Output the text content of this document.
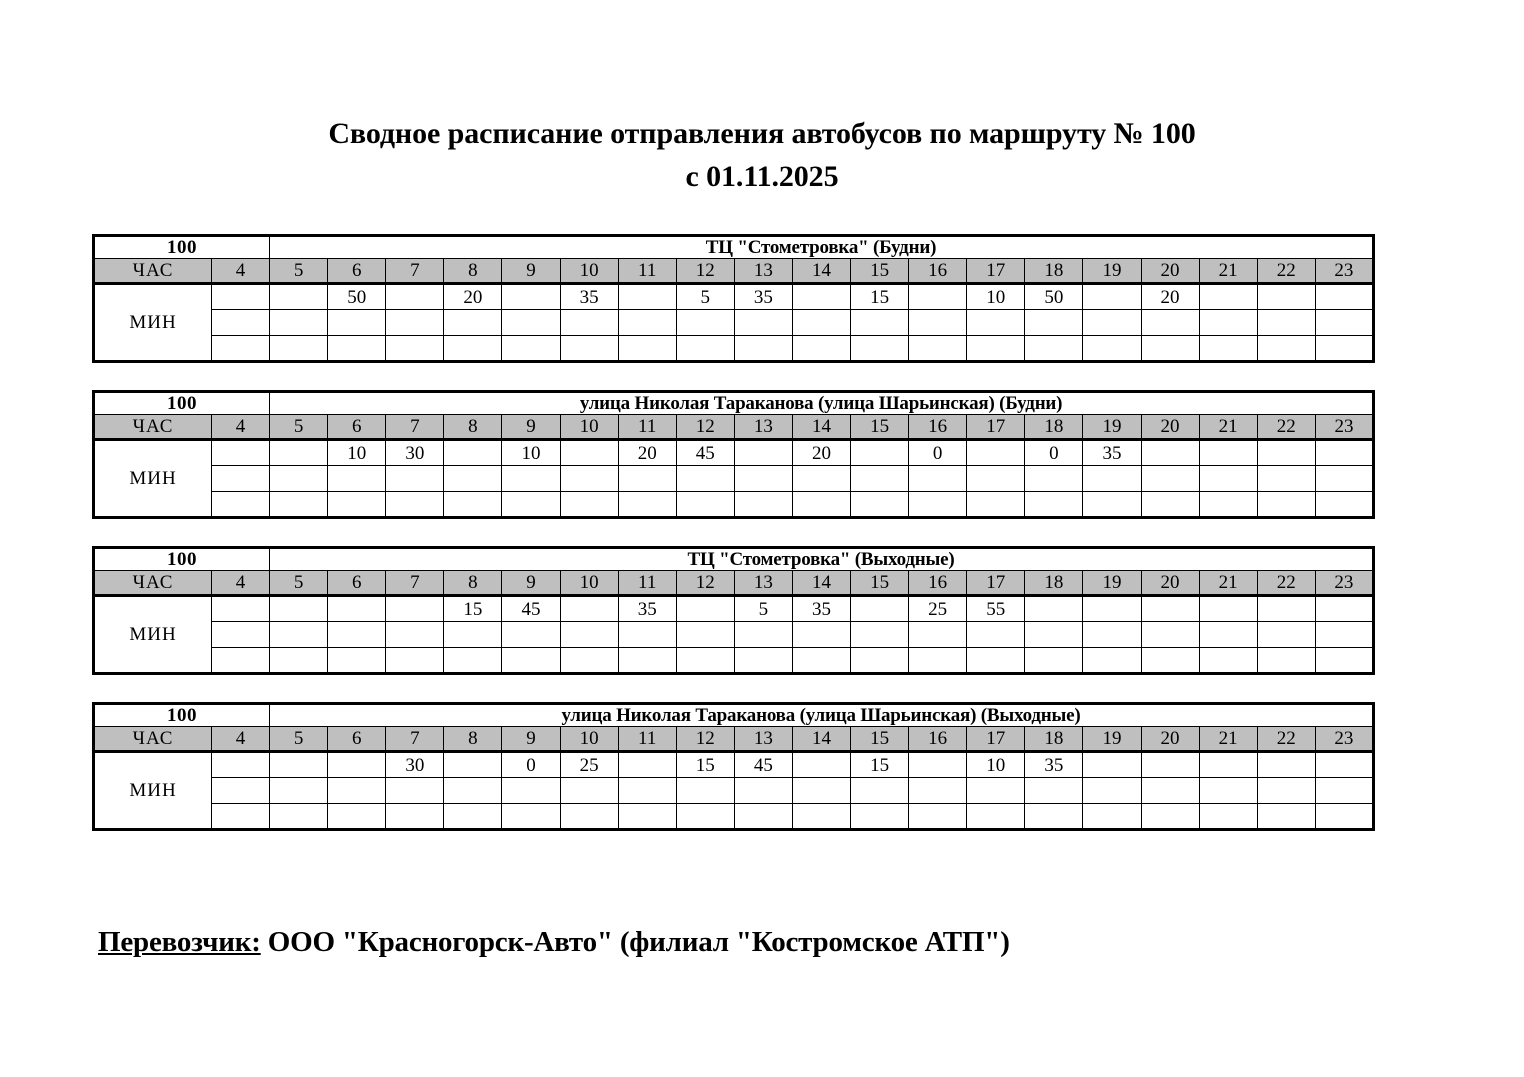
Сводное расписание отправления автобусов по маршруту № 100
с 01.11.2025
100		ТЦ "Стометровка" (Будни)																		
ЧАС	4	5	6	7	8	9	10	11	12	13	14	15	16	17	18	19	20	21	22	23
МИН			50		20		35		5	35		15		10	50		20			

100		улица Николая Тараканова (улица Шарьинская) (Будни)																		
ЧАС	4	5	6	7	8	9	10	11	12	13	14	15	16	17	18	19	20	21	22	23
МИН			10	30		10		20	45		20		0		0	35				

100		ТЦ "Стометровка" (Выходные)																		
ЧАС	4	5	6	7	8	9	10	11	12	13	14	15	16	17	18	19	20	21	22	23
МИН					15	45		35		5	35		25	55						

100		улица Николая Тараканова (улица Шарьинская) (Выходные)																		
ЧАС	4	5	6	7	8	9	10	11	12	13	14	15	16	17	18	19	20	21	22	23
МИН				30		0	25		15	45		15		10	35					

Перевозчик: ООО "Красногорск-Авто" (филиал "Костромское АТП")
